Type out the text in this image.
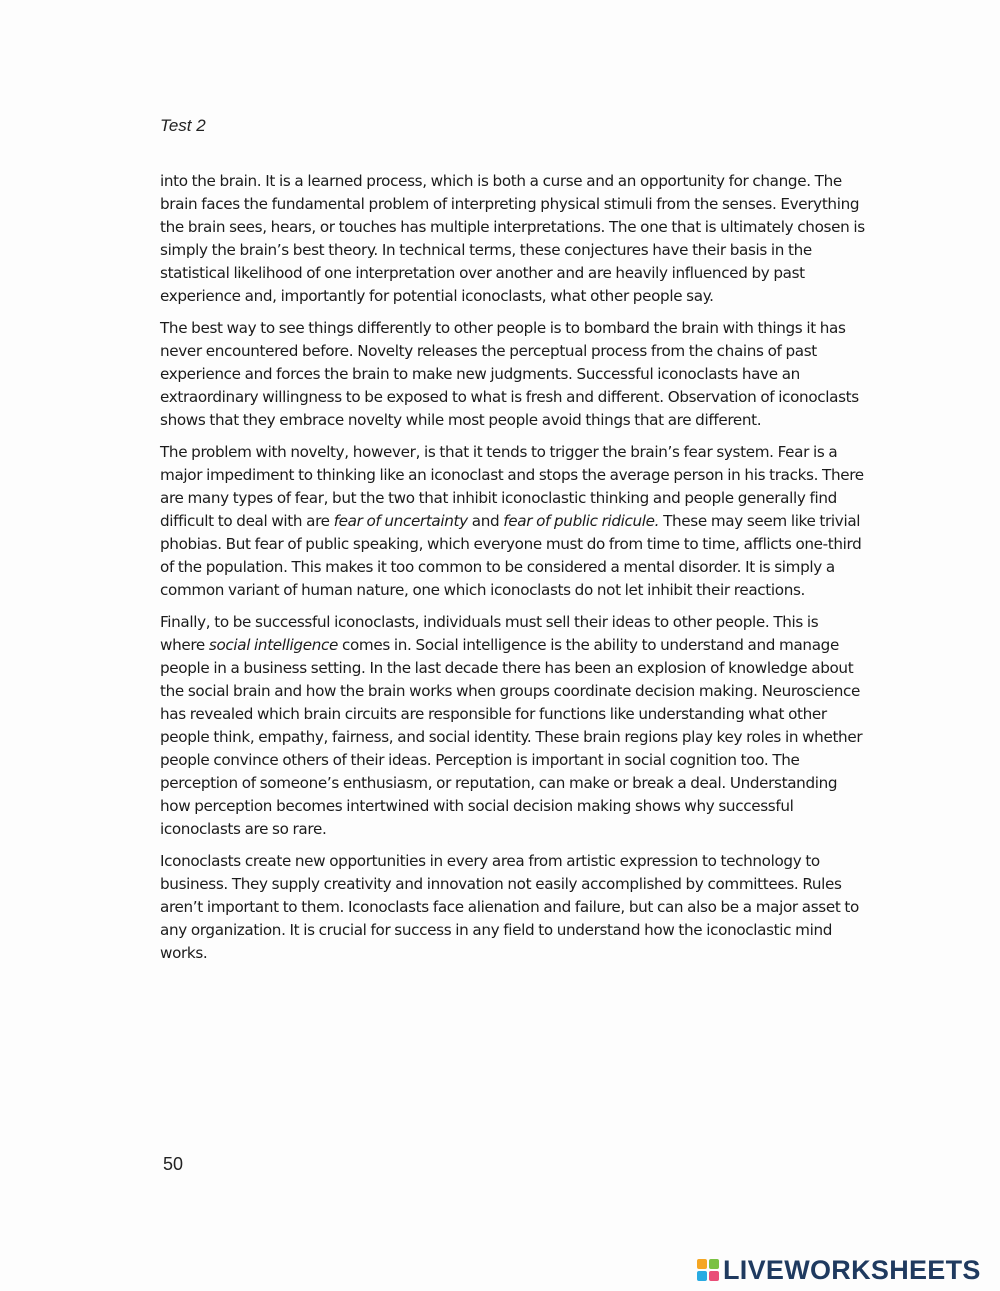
Test 2

into the brain. It is a learned process, which is both a curse and an opportunity for change. The brain faces the fundamental problem of interpreting physical stimuli from the senses. Everything the brain sees, hears, or touches has multiple interpretations. The one that is ultimately chosen is simply the brain’s best theory. In technical terms, these conjectures have their basis in the statistical likelihood of one interpretation over another and are heavily influenced by past experience and, importantly for potential iconoclasts, what other people say.

The best way to see things differently to other people is to bombard the brain with things it has never encountered before. Novelty releases the perceptual process from the chains of past experience and forces the brain to make new judgments. Successful iconoclasts have an extraordinary willingness to be exposed to what is fresh and different. Observation of iconoclasts shows that they embrace novelty while most people avoid things that are different.

The problem with novelty, however, is that it tends to trigger the brain’s fear system. Fear is a major impediment to thinking like an iconoclast and stops the average person in his tracks. There are many types of fear, but the two that inhibit iconoclastic thinking and people generally find difficult to deal with are fear of uncertainty and fear of public ridicule. These may seem like trivial phobias. But fear of public speaking, which everyone must do from time to time, afflicts one-third of the population. This makes it too common to be considered a mental disorder. It is simply a common variant of human nature, one which iconoclasts do not let inhibit their reactions.

Finally, to be successful iconoclasts, individuals must sell their ideas to other people. This is where social intelligence comes in. Social intelligence is the ability to understand and manage people in a business setting. In the last decade there has been an explosion of knowledge about the social brain and how the brain works when groups coordinate decision making. Neuroscience has revealed which brain circuits are responsible for functions like understanding what other people think, empathy, fairness, and social identity. These brain regions play key roles in whether people convince others of their ideas. Perception is important in social cognition too. The perception of someone’s enthusiasm, or reputation, can make or break a deal. Understanding how perception becomes intertwined with social decision making shows why successful iconoclasts are so rare.

Iconoclasts create new opportunities in every area from artistic expression to technology to business. They supply creativity and innovation not easily accomplished by committees. Rules aren’t important to them. Iconoclasts face alienation and failure, but can also be a major asset to any organization. It is crucial for success in any field to understand how the iconoclastic mind works.

50
LIVEWORKSHEETS
